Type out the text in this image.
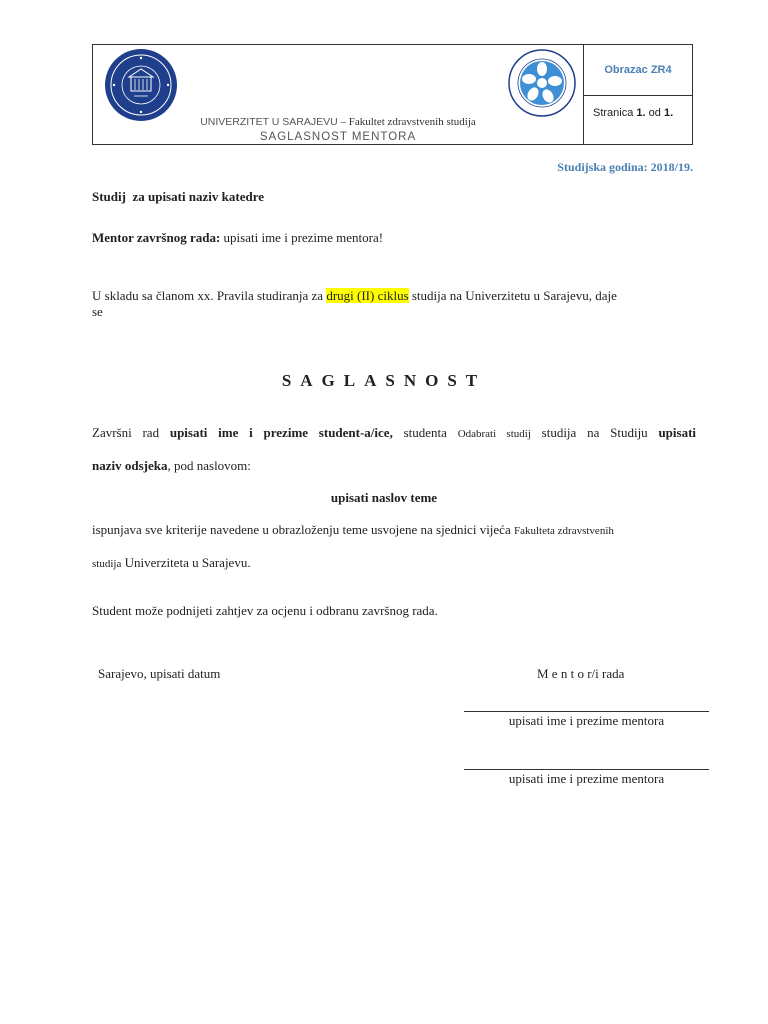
UNIVERZITET U SARAJEVU – Fakultet zdravstvenih studija
SAGLASNOST MENTORA
Obrazac ZR4
Stranica 1. od 1.
Studijska godina: 2018/19.
Studij  za upisati naziv katedre
Mentor završnog rada: upisati ime i prezime mentora!
U skladu sa članom xx. Pravila studiranja za drugi (II) ciklus studija na Univerzitetu u Sarajevu, daje
se
SAGLASNOST
Završni rad upisati ime i prezime student-a/ice, studenta Odabrati studij studija na Studiju upisati
naziv odsjeka, pod naslovom:
upisati naslov teme
ispunjava sve kriterije navedene u obrazloženju teme usvojene na sjednici vijeća Fakulteta zdravstvenih
studija Univerziteta u Sarajevu.
Student može podnijeti zahtjev za ocjenu i odbranu završnog rada.
Sarajevo, upisati datum	M e n t o r/i rada
upisati ime i prezime mentora
upisati ime i prezime mentora
